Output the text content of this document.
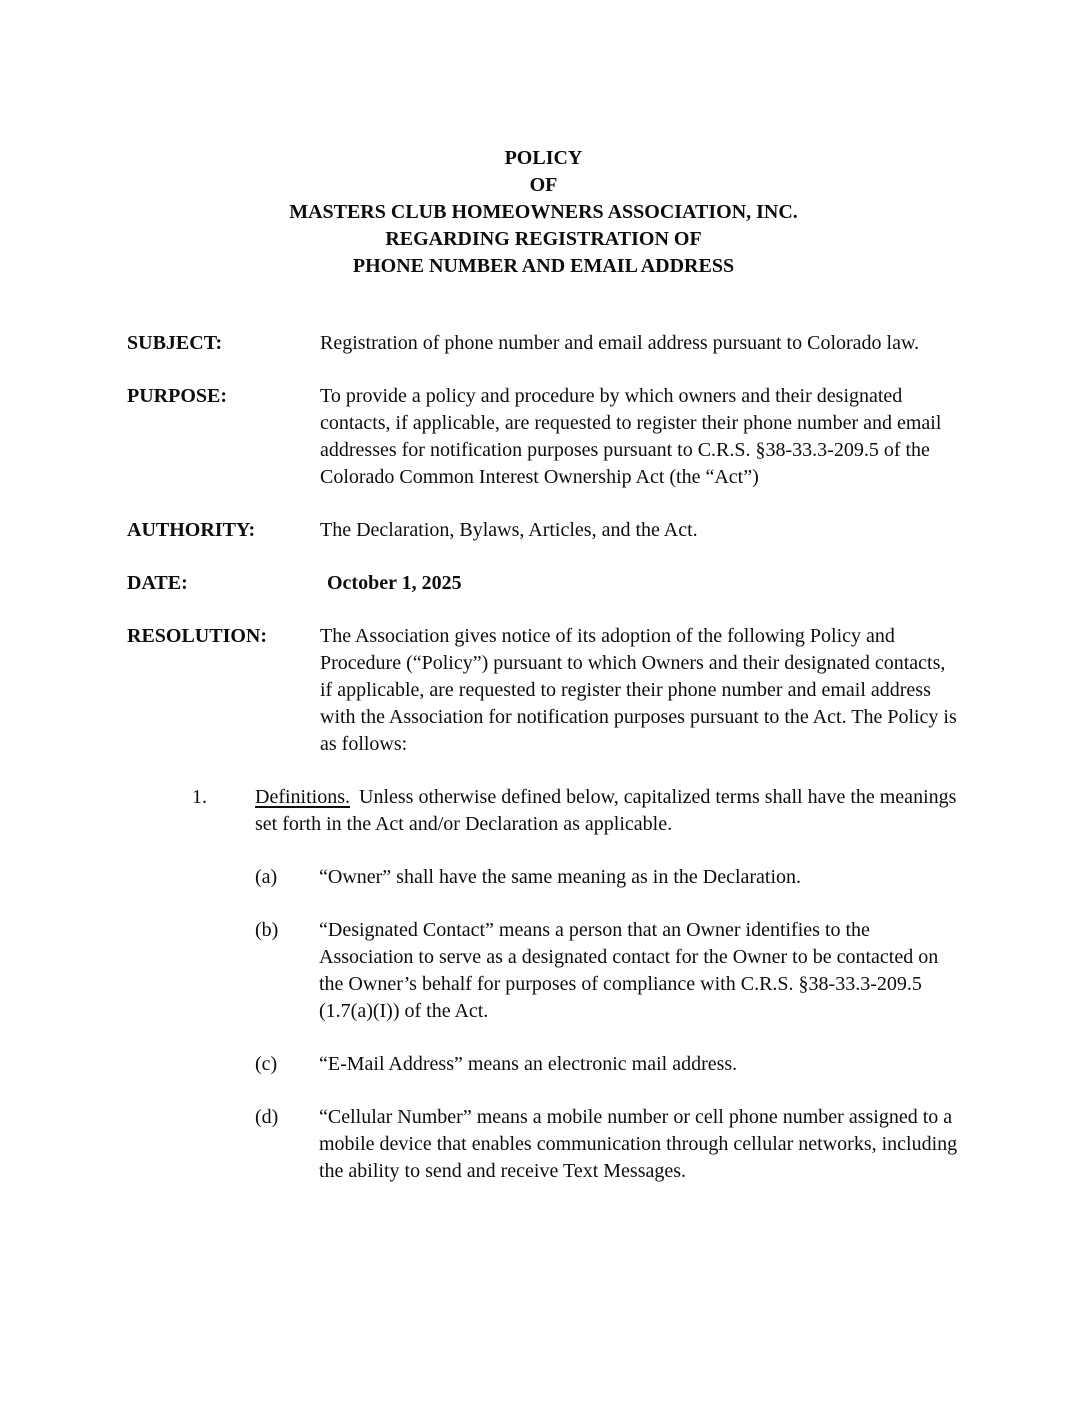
POLICY
OF
MASTERS CLUB HOMEOWNERS ASSOCIATION, INC.
REGARDING REGISTRATION OF
PHONE NUMBER AND EMAIL ADDRESS
SUBJECT:	Registration of phone number and email address pursuant to Colorado law.
PURPOSE:	To provide a policy and procedure by which owners and their designated contacts, if applicable, are requested to register their phone number and email addresses for notification purposes pursuant to C.R.S. §38-33.3-209.5 of the Colorado Common Interest Ownership Act (the “Act”)
AUTHORITY:	The Declaration, Bylaws, Articles, and the Act.
DATE:	October 1, 2025
RESOLUTION:	The Association gives notice of its adoption of the following Policy and Procedure (“Policy”) pursuant to which Owners and their designated contacts, if applicable, are requested to register their phone number and email address with the Association for notification purposes pursuant to the Act. The Policy is as follows:
1.	Definitions. Unless otherwise defined below, capitalized terms shall have the meanings set forth in the Act and/or Declaration as applicable.
(a)	“Owner” shall have the same meaning as in the Declaration.
(b)	“Designated Contact” means a person that an Owner identifies to the Association to serve as a designated contact for the Owner to be contacted on the Owner’s behalf for purposes of compliance with C.R.S. §38-33.3-209.5 (1.7(a)(I)) of the Act.
(c)	“E-Mail Address” means an electronic mail address.
(d)	“Cellular Number” means a mobile number or cell phone number assigned to a mobile device that enables communication through cellular networks, including the ability to send and receive Text Messages.
